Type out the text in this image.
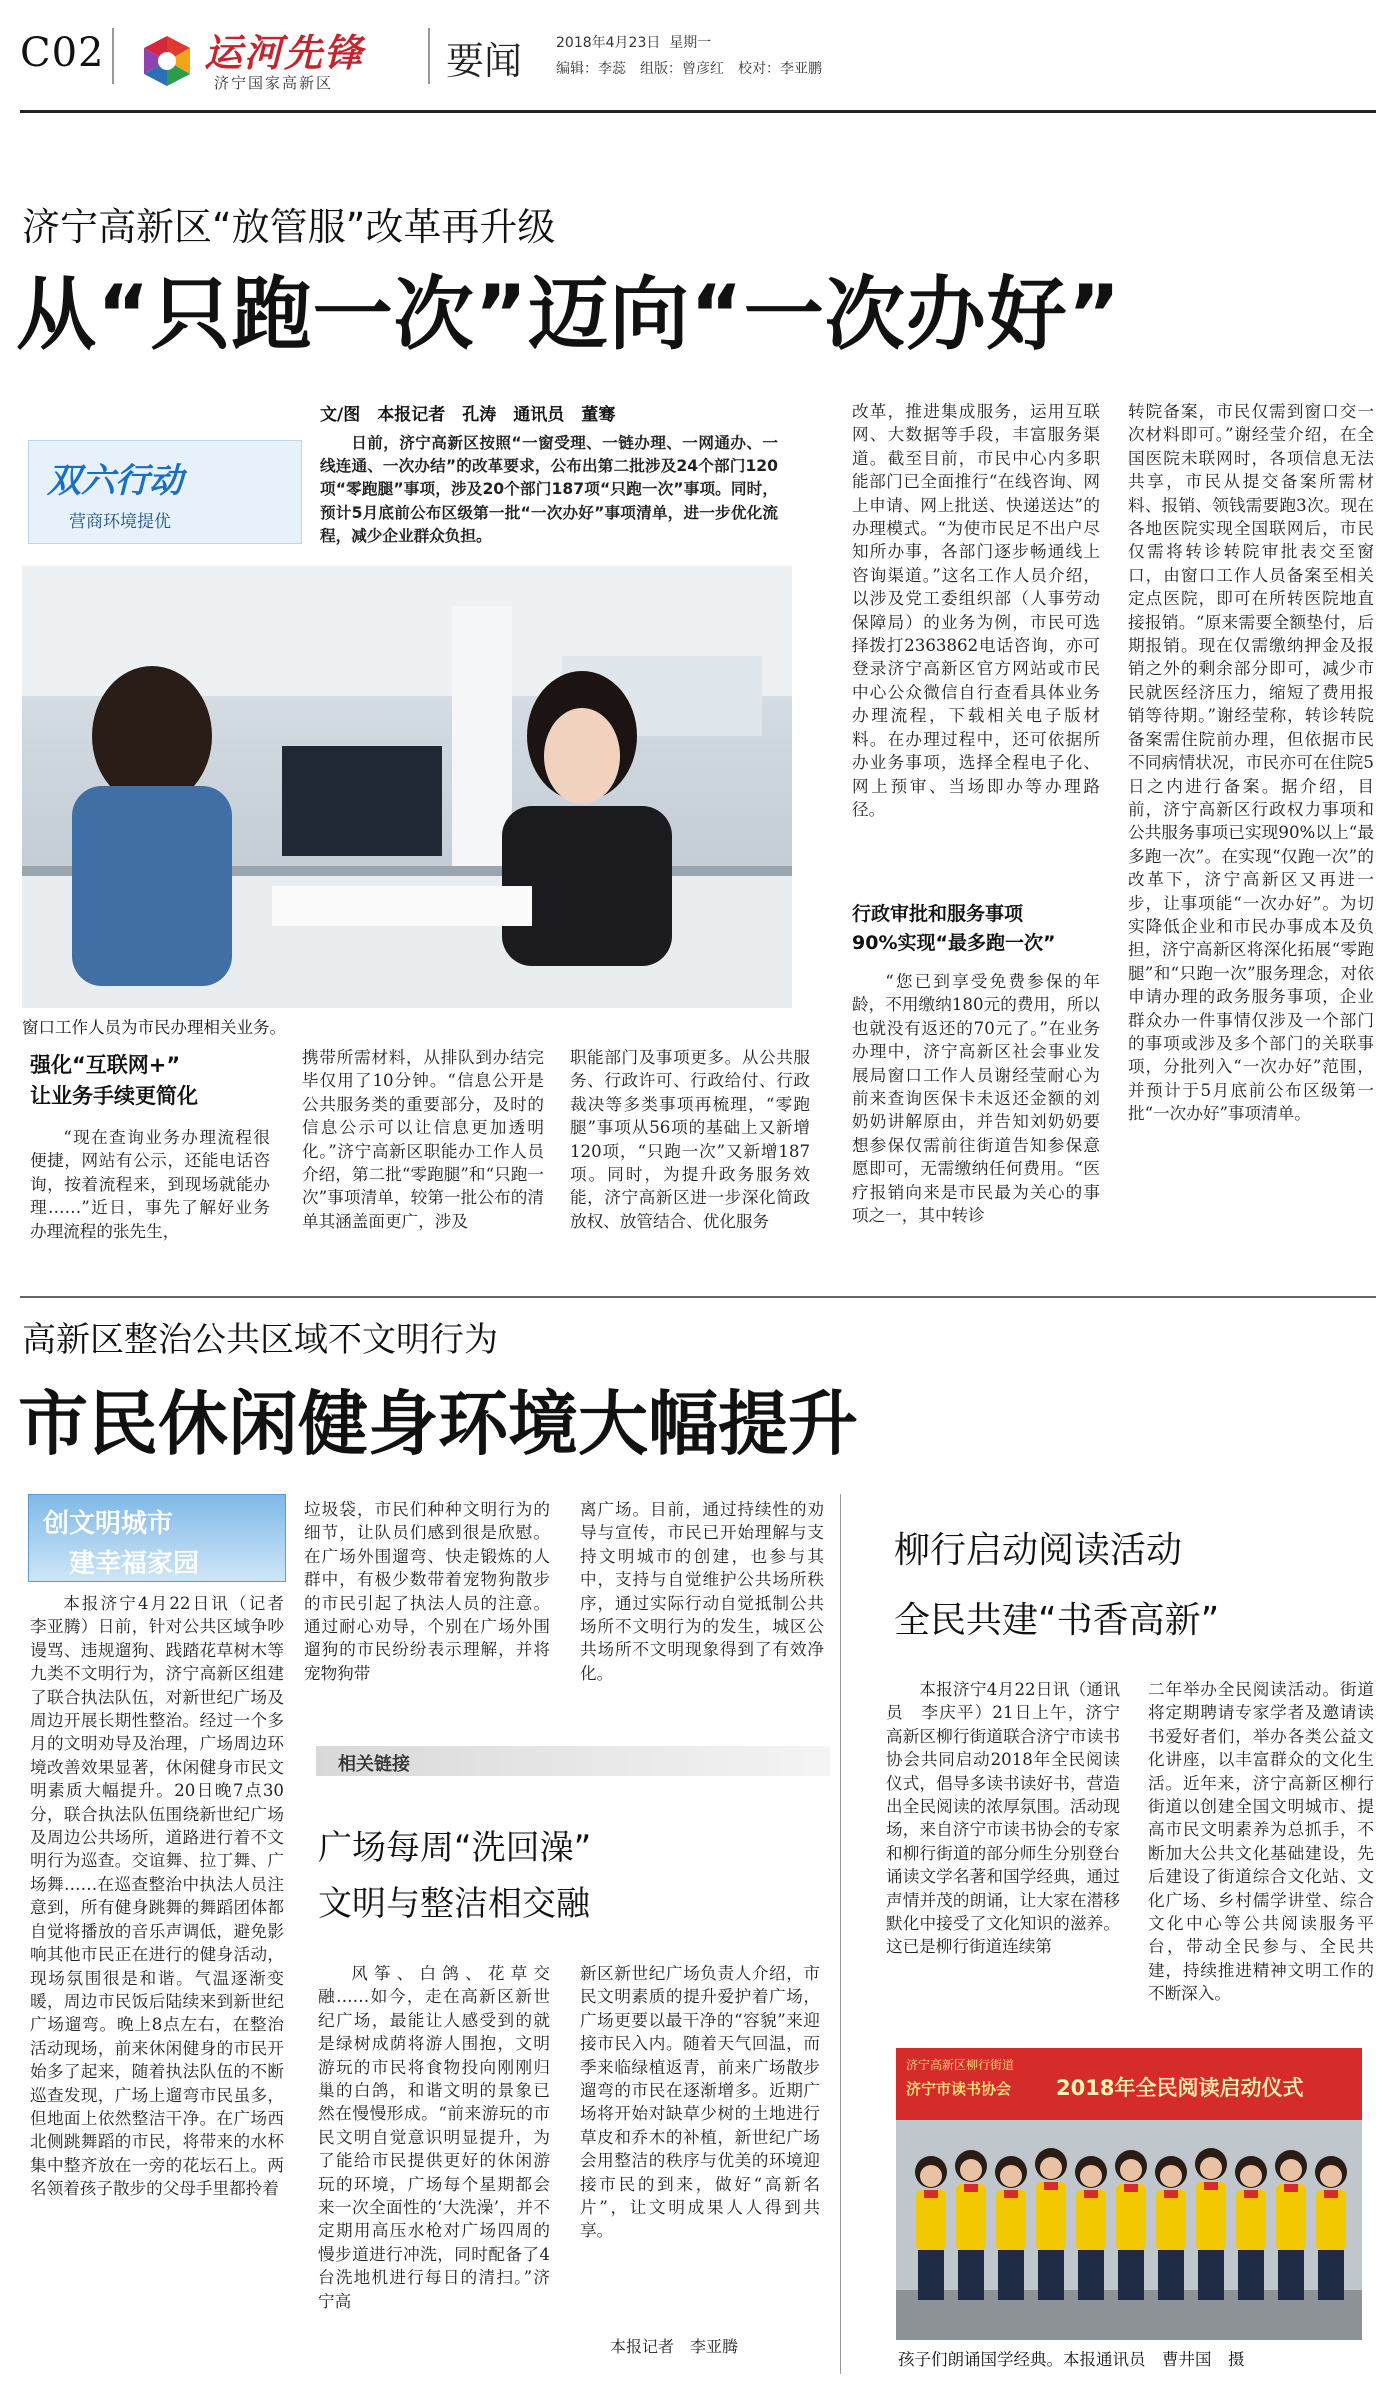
C02	运河先锋
济宁国家高新区	要闻 2018年4月23日 星期一
编辑：李蕊　组版：曾彦红　校对：李亚鹏
济宁高新区“放管服”改革再升级
从“只跑一次”迈向“一次办好”
双六行动
营商环境提优
文/图　本报记者　孔涛　通讯员　董骞

日前，济宁高新区按照“一窗受理、一链办理、一网通办、一线连通、一次办结”的改革要求，公布出第二批涉及24个部门120项“零跑腿”事项，涉及20个部门187项“只跑一次”事项。同时，预计5月底前公布区级第一批“一次办好”事项清单，进一步优化流程，减少企业群众负担。

窗口工作人员为市民办理相关业务。
强化“互联网+”
让业务手续更简化

“现在查询业务办理流程很便捷，网站有公示，还能电话咨询，按着流程来，到现场就能办理……”近日，事先了解好业务办理流程的张先生，

携带所需材料，从排队到办结完毕仅用了10分钟。“信息公开是公共服务类的重要部分，及时的信息公示可以让信息更加透明化。”济宁高新区职能办工作人员介绍，第二批“零跑腿”和“只跑一次”事项清单，较第一批公布的清单其涵盖面更广，涉及

职能部门及事项更多。从公共服务、行政许可、行政给付、行政裁决等多类事项再梳理，“零跑腿”事项从56项的基础上又新增120项，“只跑一次”又新增187项。同时，为提升政务服务效能，济宁高新区进一步深化简政放权、放管结合、优化服务

改革，推进集成服务，运用互联网、大数据等手段，丰富服务渠道。截至目前，市民中心内多职能部门已全面推行“在线咨询、网上申请、网上批送、快递送达”的办理模式。“为使市民足不出户尽知所办事，各部门逐步畅通线上咨询渠道。”这名工作人员介绍，以涉及党工委组织部（人事劳动保障局）的业务为例，市民可选择拨打2363862电话咨询，亦可登录济宁高新区官方网站或市民中心公众微信自行查看具体业务办理流程，下载相关电子版材料。在办理过程中，还可依据所办业务事项，选择全程电子化、网上预审、当场即办等办理路径。

行政审批和服务事项
90%实现“最多跑一次”

“您已到享受免费参保的年龄，不用缴纳180元的费用，所以也就没有返还的70元了。”在业务办理中，济宁高新区社会事业发展局窗口工作人员谢经莹耐心为前来查询医保卡未返还金额的刘奶奶讲解原由，并告知刘奶奶要想参保仅需前往街道告知参保意愿即可，无需缴纳任何费用。“医疗报销向来是市民最为关心的事项之一，其中转诊

转院备案，市民仅需到窗口交一次材料即可。”谢经莹介绍，在全国医院未联网时，各项信息无法共享，市民从提交备案所需材料、报销、领钱需要跑3次。现在各地医院实现全国联网后，市民仅需将转诊转院审批表交至窗口，由窗口工作人员备案至相关定点医院，即可在所转医院地直接报销。“原来需要全额垫付，后期报销。现在仅需缴纳押金及报销之外的剩余部分即可，减少市民就医经济压力，缩短了费用报销等待期。”谢经莹称，转诊转院备案需住院前办理，但依据市民不同病情状况，市民亦可在住院5日之内进行备案。据介绍，目前，济宁高新区行政权力事项和公共服务事项已实现90%以上“最多跑一次”。在实现“仅跑一次”的改革下，济宁高新区又再进一步，让事项能“一次办好”。为切实降低企业和市民办事成本及负担，济宁高新区将深化拓展“零跑腿”和“只跑一次”服务理念，对依申请办理的政务服务事项，企业群众办一件事情仅涉及一个部门的事项或涉及多个部门的关联事项，分批列入“一次办好”范围，并预计于5月底前公布区级第一批“一次办好”事项清单。

高新区整治公共区域不文明行为
市民休闲健身环境大幅提升
创文明城市
建幸福家园

本报济宁4月22日讯（记者　李亚腾）日前，针对公共区域争吵谩骂、违规遛狗、践踏花草树木等九类不文明行为，济宁高新区组建了联合执法队伍，对新世纪广场及周边开展长期性整治。经过一个多月的文明劝导及治理，广场周边环境改善效果显著，休闲健身市民文明素质大幅提升。20日晚7点30分，联合执法队伍围绕新世纪广场及周边公共场所，道路进行着不文明行为巡查。交谊舞、拉丁舞、广场舞……在巡查整治中执法人员注意到，所有健身跳舞的舞蹈团体都自觉将播放的音乐声调低，避免影响其他市民正在进行的健身活动，现场氛围很是和谐。气温逐渐变暖，周边市民饭后陆续来到新世纪广场遛弯。晚上8点左右，在整治活动现场，前来休闲健身的市民开始多了起来，随着执法队伍的不断巡查发现，广场上遛弯市民虽多，但地面上依然整洁干净。在广场西北侧跳舞蹈的市民，将带来的水杯集中整齐放在一旁的花坛石上。两名领着孩子散步的父母手里都拎着

垃圾袋，市民们种种文明行为的细节，让队员们感到很是欣慰。在广场外围遛弯、快走锻炼的人群中，有极少数带着宠物狗散步的市民引起了执法人员的注意。通过耐心劝导，个别在广场外围遛狗的市民纷纷表示理解，并将宠物狗带

离广场。目前，通过持续性的劝导与宣传，市民已开始理解与支持文明城市的创建，也参与其中，支持与自觉维护公共场所秩序，通过实际行动自觉抵制公共场所不文明行为的发生，城区公共场所不文明现象得到了有效净化。

相关链接
广场每周“洗回澡”
文明与整洁相交融

风筝、白鸽、花草交融……如今，走在高新区新世纪广场，最能让人感受到的就是绿树成荫将游人围抱，文明游玩的市民将食物投向刚刚归巢的白鸽，和谐文明的景象已然在慢慢形成。“前来游玩的市民文明自觉意识明显提升，为了能给市民提供更好的休闲游玩的环境，广场每个星期都会来一次全面性的‘大洗澡’，并不定期用高压水枪对广场四周的慢步道进行冲洗，同时配备了4台洗地机进行每日的清扫。”济宁高

新区新世纪广场负责人介绍，市民文明素质的提升爱护着广场，广场更要以最干净的“容貌”来迎接市民入内。随着天气回温，而季来临绿植返青，前来广场散步遛弯的市民在逐渐增多。近期广场将开始对缺草少树的土地进行草皮和乔木的补植，新世纪广场会用整洁的秩序与优美的环境迎接市民的到来，做好“高新名片”，让文明成果人人得到共享。

本报记者　李亚腾
柳行启动阅读活动
全民共建“书香高新”

本报济宁4月22日讯（通讯员　李庆平）21日上午，济宁高新区柳行街道联合济宁市读书协会共同启动2018年全民阅读仪式，倡导多读书读好书，营造出全民阅读的浓厚氛围。活动现场，来自济宁市读书协会的专家和柳行街道的部分师生分别登台诵读文学名著和国学经典，通过声情并茂的朗诵，让大家在潜移默化中接受了文化知识的滋养。这已是柳行街道连续第

二年举办全民阅读活动。街道将定期聘请专家学者及邀请读书爱好者们，举办各类公益文化讲座，以丰富群众的文化生活。近年来，济宁高新区柳行街道以创建全国文明城市、提高市民文明素养为总抓手，不断加大公共文化基础建设，先后建设了街道综合文化站、文化广场、乡村儒学讲堂、综合文化中心等公共阅读服务平台，带动全民参与、全民共建，持续推进精神文明工作的不断深入。

济宁高新区柳行街道
济宁市读书协会 2018年全民阅读启动仪式
孩子们朗诵国学经典。本报通讯员　曹井国　摄
